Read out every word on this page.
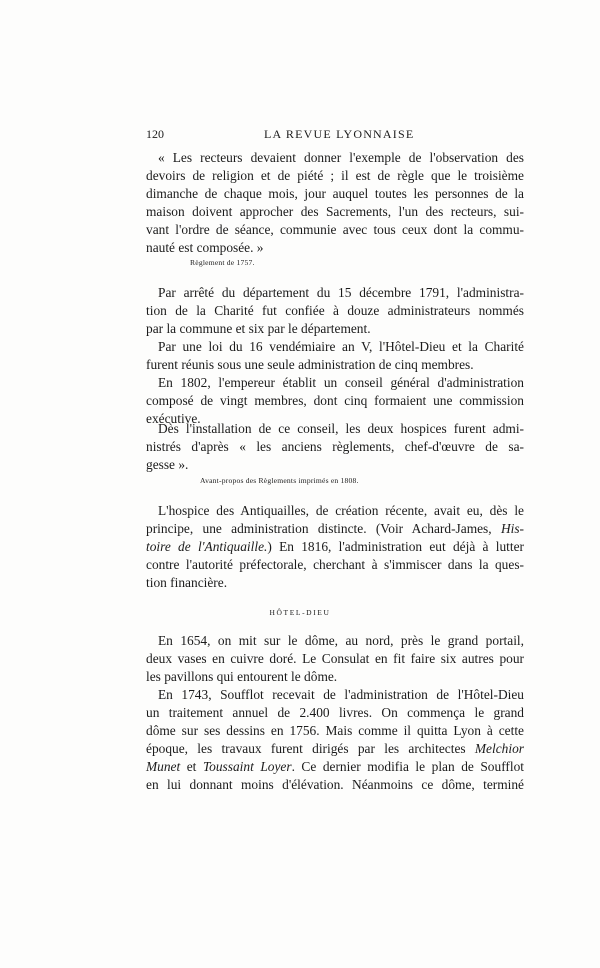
120	LA REVUE LYONNAISE
« Les recteurs devaient donner l'exemple de l'observation des
devoirs de religion et de piété ; il est de règle que le troisième
dimanche de chaque mois, jour auquel toutes les personnes de la
maison doivent approcher des Sacrements, l'un des recteurs, sui-
vant l'ordre de séance, communie avec tous ceux dont la commu-
nauté est composée. »
Règlement de 1757.
Par arrêté du département du 15 décembre 1791, l'administra-
tion de la Charité fut confiée à douze administrateurs nommés
par la commune et six par le département.
Par une loi du 16 vendémiaire an V, l'Hôtel-Dieu et la Charité
furent réunis sous une seule administration de cinq membres.
En 1802, l'empereur établit un conseil général d'administration
composé de vingt membres, dont cinq formaient une commission
exécutive.
Dès l'installation de ce conseil, les deux hospices furent admi-
nistrés d'après « les anciens règlements, chef-d'œuvre de sa-
gesse ».
Avant-propos des Règlements imprimés en 1808.
L'hospice des Antiquailles, de création récente, avait eu, dès le
principe, une administration distincte. (Voir Achard-James, His-
toire de l'Antiquaille.) En 1816, l'administration eut déjà à lutter
contre l'autorité préfectorale, cherchant à s'immiscer dans la ques-
tion financière.
HÔTEL-DIEU
En 1654, on mit sur le dôme, au nord, près le grand portail,
deux vases en cuivre doré. Le Consulat en fit faire six autres pour
les pavillons qui entourent le dôme.
En 1743, Soufflot recevait de l'administration de l'Hôtel-Dieu
un traitement annuel de 2.400 livres. On commença le grand
dôme sur ses dessins en 1756. Mais comme il quitta Lyon à cette
époque, les travaux furent dirigés par les architectes Melchior
Munet et Toussaint Loyer. Ce dernier modifia le plan de Soufflot
en lui donnant moins d'élévation. Néanmoins ce dôme, terminé
